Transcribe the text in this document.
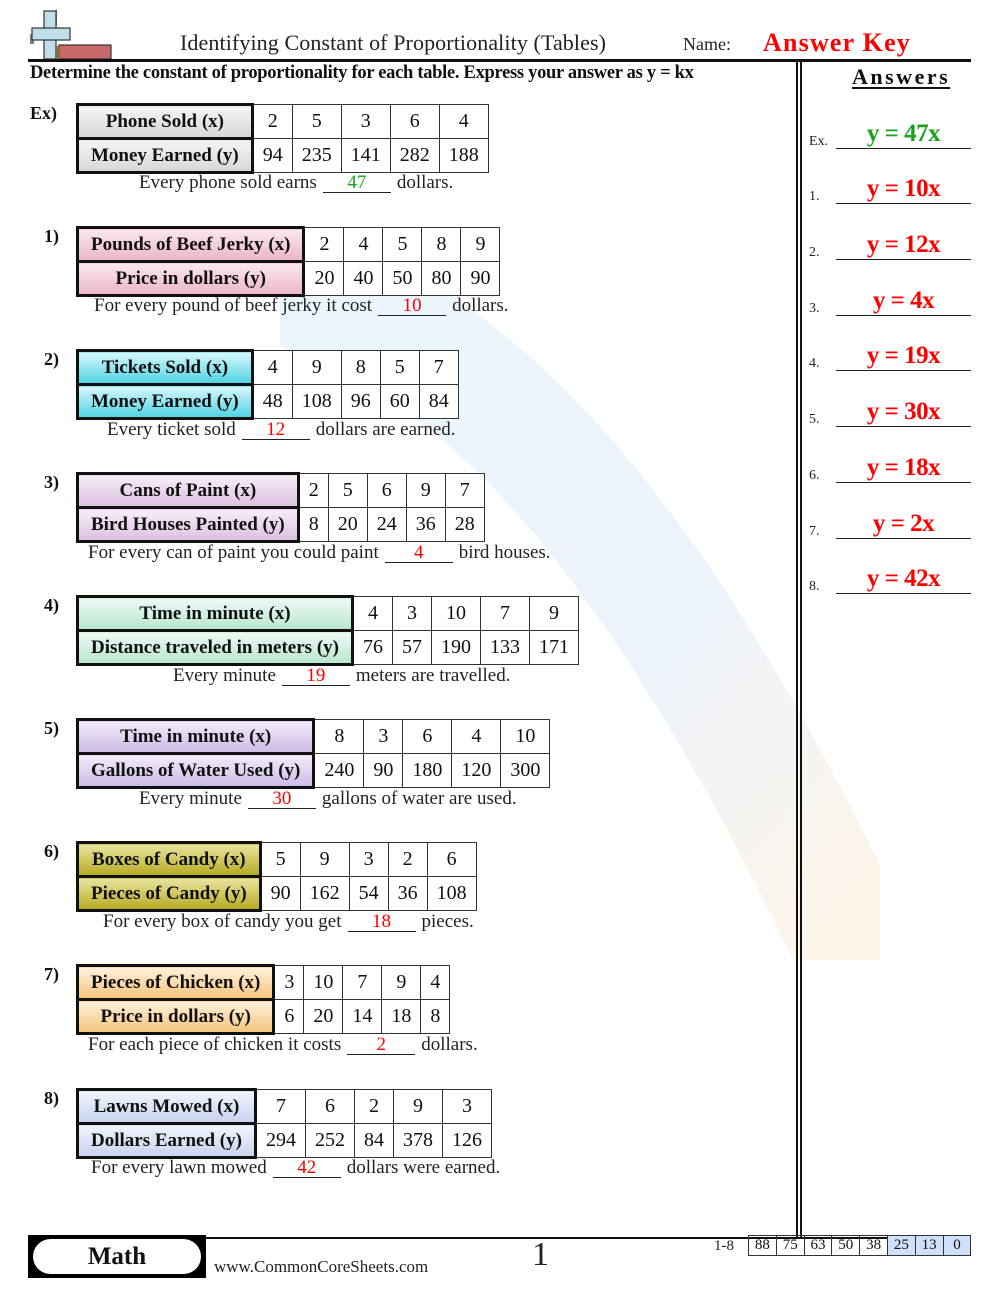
Identifying Constant of Proportionality (Tables)	Name: Answer Key
Determine the constant of proportionality for each table. Express your answer as y = kx	Answers
Ex.	y = 47x
1.	y = 10x
2.	y = 12x
3.	y = 4x
4.	y = 19x
5.	y = 30x
6.	y = 18x
7.	y = 2x
8.	y = 42x
Ex)	Phone Sold (x)	2	5	3	6	4
Money Earned (y)	94	235	141	282	188
Every phone sold earns 47 dollars.
1) Pounds of Beef Jerky (x)	2	4	5	8	9
Price in dollars (y)	20	40	50	80	90
For every pound of beef jerky it cost 10 dollars.
2) Tickets Sold (x)	4	9	8	5	7
Money Earned (y)	48	108	96	60	84
Every ticket sold 12 dollars are earned.
3)	Cans of Paint (x)	2	5	6	9	7
Bird Houses Painted (y)	8	20	24	36	28
For every can of paint you could paint 4 bird houses.
4)	Time in minute (x)	4	3	10	7	9
Distance traveled in meters (y)	76	57	190	133	171
Every minute 19 meters are travelled.
5)	Time in minute (x)	8	3	6	4	10
Gallons of Water Used (y)	240	90	180	120	300
Every minute 30 gallons of water are used.
6) Boxes of Candy (x)	5	9	3	2	6
Pieces of Candy (y)	90	162	54	36	108
For every box of candy you get 18 pieces.
7) Pieces of Chicken (x)	3	10	7	9	4
Price in dollars (y)	6	20	14	18	8
For each piece of chicken it costs 2 dollars.
8) Lawns Mowed (x)	7	6	2	9	3
Dollars Earned (y)	294	252	84	378	126
For every lawn mowed 42 dollars were earned.
Math	www.CommonCoreSheets.com	1	1-8 88	75	63	50	38	25	13	0
